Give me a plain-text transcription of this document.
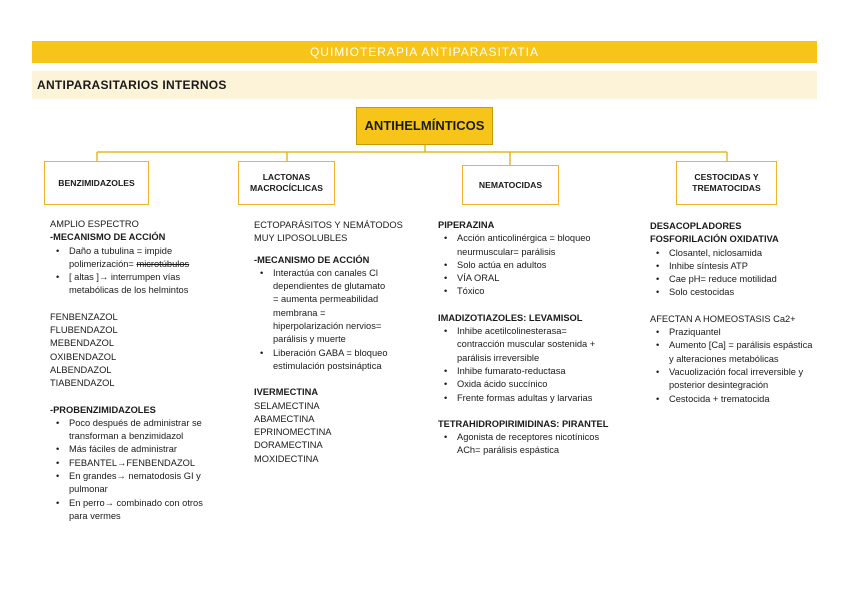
QUIMIOTERAPIA ANTIPARASITATIA
ANTIPARASITARIOS INTERNOS
ANTIHELMÍNTICOS
BENZIMIDAZOLES
LACTONAS
MACROCÍCLICAS	NEMATOCIDAS
CESTOCIDAS Y
TREMATOCIDAS
AMPLIO ESPECTRO
-MECANISMO DE ACCIÓN
• Daño a tubulina = impide
polimerización= microtúbulos
• [ altas ]→ interrumpen vías
metabólicas de los helmintos
FENBENZAZOL
FLUBENDAZOL
MEBENDAZOL
OXIBENDAZOL
ALBENDAZOL
TIABENDAZOL
-PROBENZIMIDAZOLES
• Poco después de administrar se
transforman a benzimidazol
• Más fáciles de administrar
• FEBANTEL→FENBENDAZOL
• En grandes→ nematodosis GI y
pulmonar
• En perro→ combinado con otros
para vermes
ECTOPARÁSITOS Y NEMÁTODOS
MUY LIPOSOLUBLES
-MECANISMO DE ACCIÓN
• Interactúa con canales Cl
dependientes de glutamato
= aumenta permeabilidad
membrana =
hiperpolarización nervios=
parálisis y muerte
• Liberación GABA = bloqueo
estimulación postsináptica
IVERMECTINA
SELAMECTINA
ABAMECTINA
EPRINOMECTINA
DORAMECTINA
MOXIDECTINA
PIPERAZINA
• Acción anticolinérgica = bloqueo
neurmuscular= parálisis
• Solo actúa en adultos
• VÍA ORAL
• Tóxico
IMADIZOTIAZOLES: LEVAMISOL
• Inhibe acetilcolinesterasa=
contracción muscular sostenida +
parálisis irreversible
• Inhibe fumarato-reductasa
• Oxida ácido succínico
• Frente formas adultas y larvarias
TETRAHIDROPIRIMIDINAS: PIRANTEL
• Agonista de receptores nicotínicos
ACh= parálisis espástica
DESACOPLADORES
FOSFORILACIÓN OXIDATIVA
• Closantel, niclosamida
• Inhibe síntesis ATP
• Cae pH= reduce motilidad
• Solo cestocidas
AFECTAN A HOMEOSTASIS Ca2+
• Praziquantel
• Aumento [Ca] = parálisis espástica
y alteraciones metabólicas
• Vacuolización focal irreversible y
posterior desintegración
• Cestocida + trematocida
